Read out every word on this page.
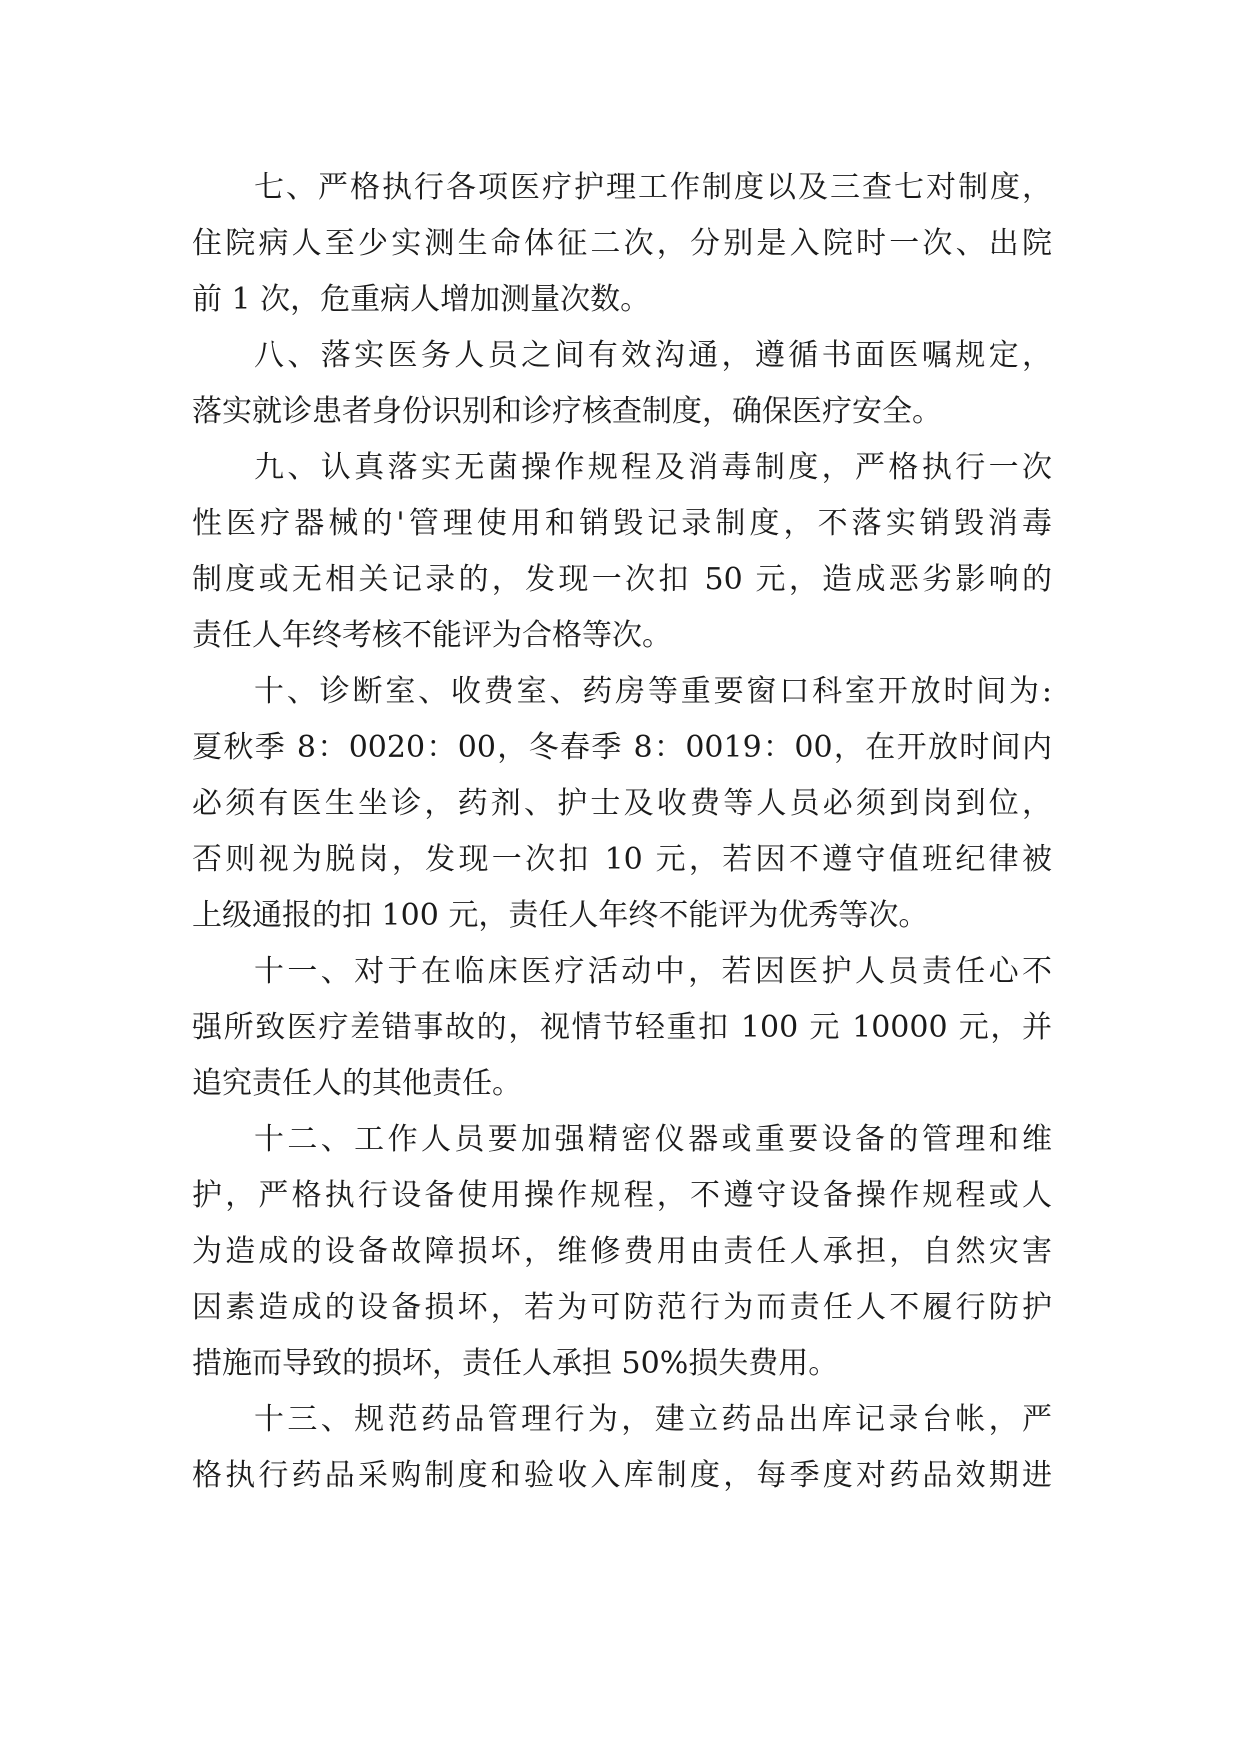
七、严格执行各项医疗护理工作制度以及三查七对制度，
住院病人至少实测生命体征二次，分别是入院时一次、出院
前 1 次，危重病人增加测量次数。
八、落实医务人员之间有效沟通，遵循书面医嘱规定，
落实就诊患者身份识别和诊疗核查制度，确保医疗安全。
九、认真落实无菌操作规程及消毒制度，严格执行一次
性医疗器械的'管理使用和销毁记录制度，不落实销毁消毒
制度或无相关记录的，发现一次扣 50 元，造成恶劣影响的
责任人年终考核不能评为合格等次。
十、诊断室、收费室、药房等重要窗口科室开放时间为:
夏秋季 8：0020：00，冬春季 8：0019：00，在开放时间内
必须有医生坐诊，药剂、护士及收费等人员必须到岗到位，
否则视为脱岗，发现一次扣 10 元，若因不遵守值班纪律被
上级通报的扣 100 元，责任人年终不能评为优秀等次。
十一、对于在临床医疗活动中，若因医护人员责任心不
强所致医疗差错事故的，视情节轻重扣 100 元 10000 元，并
追究责任人的其他责任。
十二、工作人员要加强精密仪器或重要设备的管理和维
护，严格执行设备使用操作规程，不遵守设备操作规程或人
为造成的设备故障损坏，维修费用由责任人承担，自然灾害
因素造成的设备损坏，若为可防范行为而责任人不履行防护
措施而导致的损坏，责任人承担 50%损失费用。
十三、规范药品管理行为，建立药品出库记录台帐，严
格执行药品采购制度和验收入库制度，每季度对药品效期进
